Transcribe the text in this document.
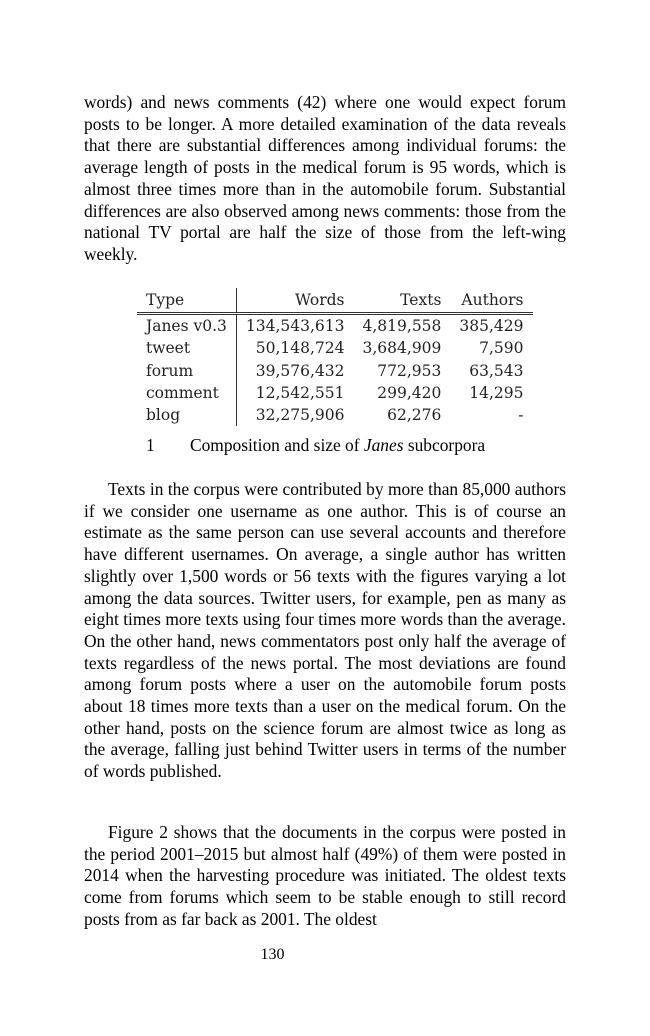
words) and news comments (42) where one would expect forum posts to be longer. A more detailed examination of the data reveals that there are substantial differences among individual forums: the average length of posts in the medical forum is 95 words, which is almost three times more than in the automobile forum. Substantial differences are also observed among news comments: those from the national TV portal are half the size of those from the left-wing weekly.

Type	Words	Texts	Authors
Janes v0.3	134,543,613	4,819,558	385,429
tweet	50,148,724	3,684,909	7,590
forum	39,576,432	772,953	63,543
comment	12,542,551	299,420	14,295
blog	32,275,906	62,276	-
1 Composition and size of Janes subcorpora

Texts in the corpus were contributed by more than 85,000 authors if we consider one username as one author. This is of course an estimate as the same person can use several accounts and therefore have different usernames. On average, a single author has written slightly over 1,500 words or 56 texts with the figures varying a lot among the data sources. Twitter users, for example, pen as many as eight times more texts using four times more words than the average. On the other hand, news commentators post only half the average of texts regardless of the news portal. The most deviations are found among forum posts where a user on the automobile forum posts about 18 times more texts than a user on the medical forum. On the other hand, posts on the science forum are almost twice as long as the average, falling just behind Twitter users in terms of the number of words published.

Figure 2 shows that the documents in the corpus were posted in the period 2001–2015 but almost half (49%) of them were posted in 2014 when the harvesting procedure was initiated. The oldest texts come from forums which seem to be stable enough to still record posts from as far back as 2001. The oldest

130
